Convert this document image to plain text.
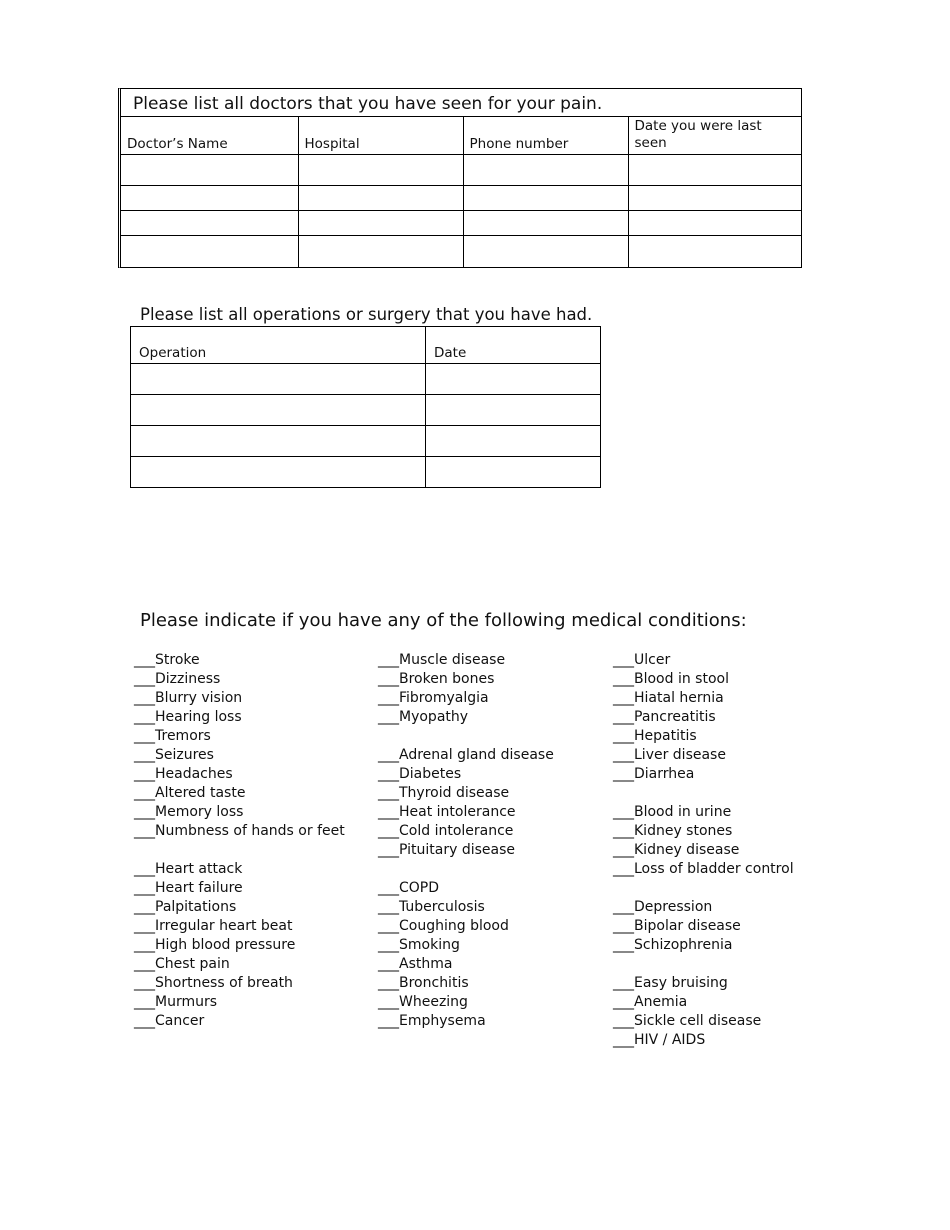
Please list all doctors that you have seen for your pain.
Doctor’s Name	Hospital	Phone number	Date you were last seen

Please list all operations or surgery that you have had.
Operation	Date

Please indicate if you have any of the following medical conditions:
___Stroke
___Dizziness
___Blurry vision
___Hearing loss
___Tremors
___Seizures
___Headaches
___Altered taste
___Memory loss
___Numbness of hands or feet
___Heart attack
___Heart failure
___Palpitations
___Irregular heart beat
___High blood pressure
___Chest pain
___Shortness of breath
___Murmurs
___Cancer
___Muscle disease
___Broken bones
___Fibromyalgia
___Myopathy
___Adrenal gland disease
___Diabetes
___Thyroid disease
___Heat intolerance
___Cold intolerance
___Pituitary disease
___COPD
___Tuberculosis
___Coughing blood
___Smoking
___Asthma
___Bronchitis
___Wheezing
___Emphysema
___Ulcer
___Blood in stool
___Hiatal hernia
___Pancreatitis
___Hepatitis
___Liver disease
___Diarrhea
___Blood in urine
___Kidney stones
___Kidney disease
___Loss of bladder control
___Depression
___Bipolar disease
___Schizophrenia
___Easy bruising
___Anemia
___Sickle cell disease
___HIV / AIDS
